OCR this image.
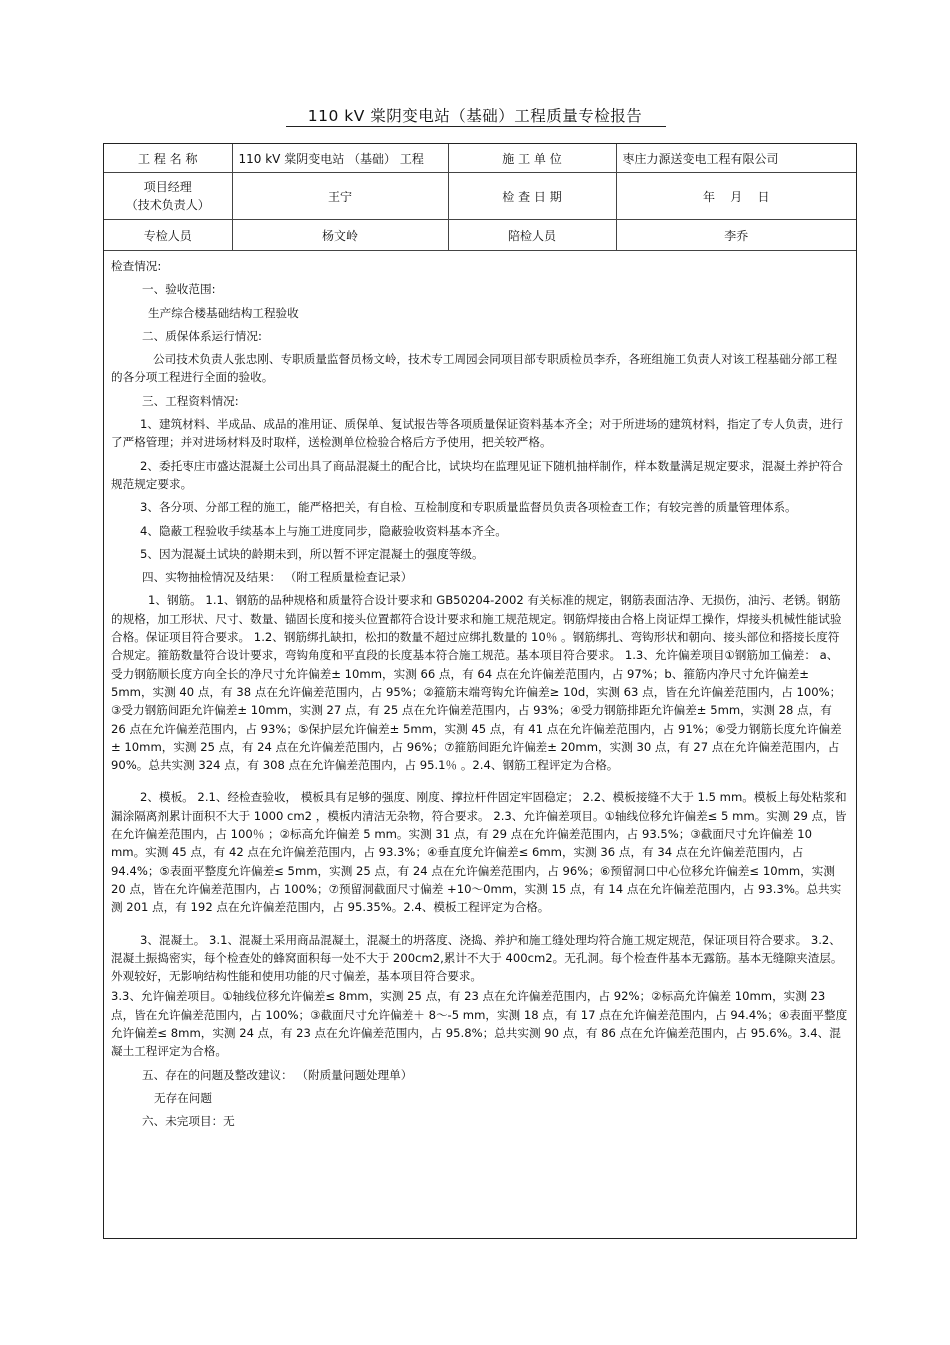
110 kV 棠阴变电站（基础）工程质量专检报告
工 程 名 称	110 kV 棠阴变电站 （基础） 工程	施 工 单 位	枣庄力源送变电工程有限公司

项目经理
（技术负责人）	王宁	检 查 日 期	年    月    日
专检人员	杨文岭	陪检人员	李乔

检查情况:

一、验收范围:

生产综合楼基础结构工程验收

二、质保体系运行情况:

公司技术负责人张忠刚、专职质量监督员杨文岭，技术专工周园会同项目部专职质检员李乔，各班组施工负责人对该工程基础分部工程的各分项工程进行全面的验收。

三、工程资料情况:

1、建筑材料、半成品、成品的准用证、质保单、复试报告等各项质量保证资料基本齐全；对于所进场的建筑材料，指定了专人负责，进行了严格管理；并对进场材料及时取样，送检测单位检验合格后方予使用，把关较严格。

2、委托枣庄市盛达混凝土公司出具了商品混凝土的配合比，试块均在监理见证下随机抽样制作，样本数量满足规定要求，混凝土养护符合规范规定要求。

3、各分项、分部工程的施工，能严格把关，有自检、互检制度和专职质量监督员负责各项检查工作；有较完善的质量管理体系。

4、隐蔽工程验收手续基本上与施工进度同步，隐蔽验收资料基本齐全。

5、因为混凝土试块的龄期未到，所以暂不评定混凝土的强度等级。

四、实物抽检情况及结果： （附工程质量检查记录）

1、钢筋。 1.1、钢筋的品种规格和质量符合设计要求和 GB50204-2002 有关标准的规定，钢筋表面洁净、无损伤，油污、老锈。钢筋的规格，加工形状、尺寸、数量、锚固长度和接头位置都符合设计要求和施工规范规定。钢筋焊接由合格上岗证焊工操作，焊接头机械性能试验合格。保证项目符合要求。 1.2、钢筋绑扎缺扣，松扣的数量不超过应绑扎数量的 10％ 。钢筋绑扎、弯钩形状和朝向、接头部位和搭接长度符合规定。箍筋数量符合设计要求，弯钩角度和平直段的长度基本符合施工规范。基本项目符合要求。 1.3、允许偏差项目①钢筋加工偏差： a、受力钢筋顺长度方向全长的净尺寸允许偏差± 10mm，实测 66 点，有 64 点在允许偏差范围内，占 97%；b、箍筋内净尺寸允许偏差± 5mm，实测 40 点，有 38 点在允许偏差范围内，占 95%；②箍筋末端弯钩允许偏差≥ 10d，实测 63 点，皆在允许偏差范围内，占 100%；③受力钢筋间距允许偏差± 10mm，实测 27 点，有 25 点在允许偏差范围内，占 93%；④受力钢筋排距允许偏差± 5mm，实测 28 点，有 26 点在允许偏差范围内，占 93%；⑤保护层允许偏差± 5mm，实测 45 点，有 41 点在允许偏差范围内，占 91%；⑥受力钢筋长度允许偏差± 10mm，实测 25 点，有 24 点在允许偏差范围内，占 96%；⑦箍筋间距允许偏差± 20mm，实测 30 点，有 27 点在允许偏差范围内，占 90%。总共实测 324 点，有 308 点在允许偏差范围内，占 95.1％ 。2.4、钢筋工程评定为合格。

2、模板。 2.1、经检查验收， 模板具有足够的强度、刚度、撑拉杆件固定牢固稳定； 2.2、模板接缝不大于 1.5 mm。模板上每处粘浆和漏涂隔离剂累计面积不大于 1000 cm2 ，模板内清洁无杂物，符合要求。 2.3、允许偏差项目。①轴线位移允许偏差≤ 5 mm。实测 29 点，皆在允许偏差范围内，占 100％ ；②标高允许偏差 5 mm。实测 31 点，有 29 点在允许偏差范围内，占 93.5%；③截面尺寸允许偏差 10 mm。实测 45 点，有 42 点在允许偏差范围内，占 93.3%；④垂直度允许偏差≤ 6mm，实测 36 点，有 34 点在允许偏差范围内，占 94.4%；⑤表面平整度允许偏差≤ 5mm，实测 25 点，有 24 点在允许偏差范围内，占 96%；⑥预留洞口中心位移允许偏差≤ 10mm，实测 20 点，皆在允许偏差范围内，占 100%；⑦预留洞截面尺寸偏差 +10～0mm，实测 15 点，有 14 点在允许偏差范围内，占 93.3%。总共实测 201 点，有 192 点在允许偏差范围内，占 95.35%。2.4、模板工程评定为合格。

3、混凝土。 3.1、混凝土采用商品混凝土，混凝土的坍落度、浇捣、养护和施工缝处理均符合施工规定规范，保证项目符合要求。 3.2、混凝土振捣密实，每个检查处的蜂窝面积每一处不大于 200cm2,累计不大于 400cm2。无孔洞。每个检查件基本无露筋。基本无缝隙夹渣层。外观较好，无影响结构性能和使用功能的尺寸偏差，基本项目符合要求。

3.3、允许偏差项目。①轴线位移允许偏差≤ 8mm，实测 25 点，有 23 点在允许偏差范围内，占 92%；②标高允许偏差 10mm，实测 23 点，皆在允许偏差范围内，占 100%；③截面尺寸允许偏差＋ 8～-5 mm，实测 18 点，有 17 点在允许偏差范围内，占 94.4%；④表面平整度允许偏差≤ 8mm，实测 24 点，有 23 点在允许偏差范围内，占 95.8%；总共实测 90 点，有 86 点在允许偏差范围内，占 95.6%。3.4、混凝土工程评定为合格。

五、存在的问题及整改建议： （附质量问题处理单）

无存在问题

六、未完项目：无
